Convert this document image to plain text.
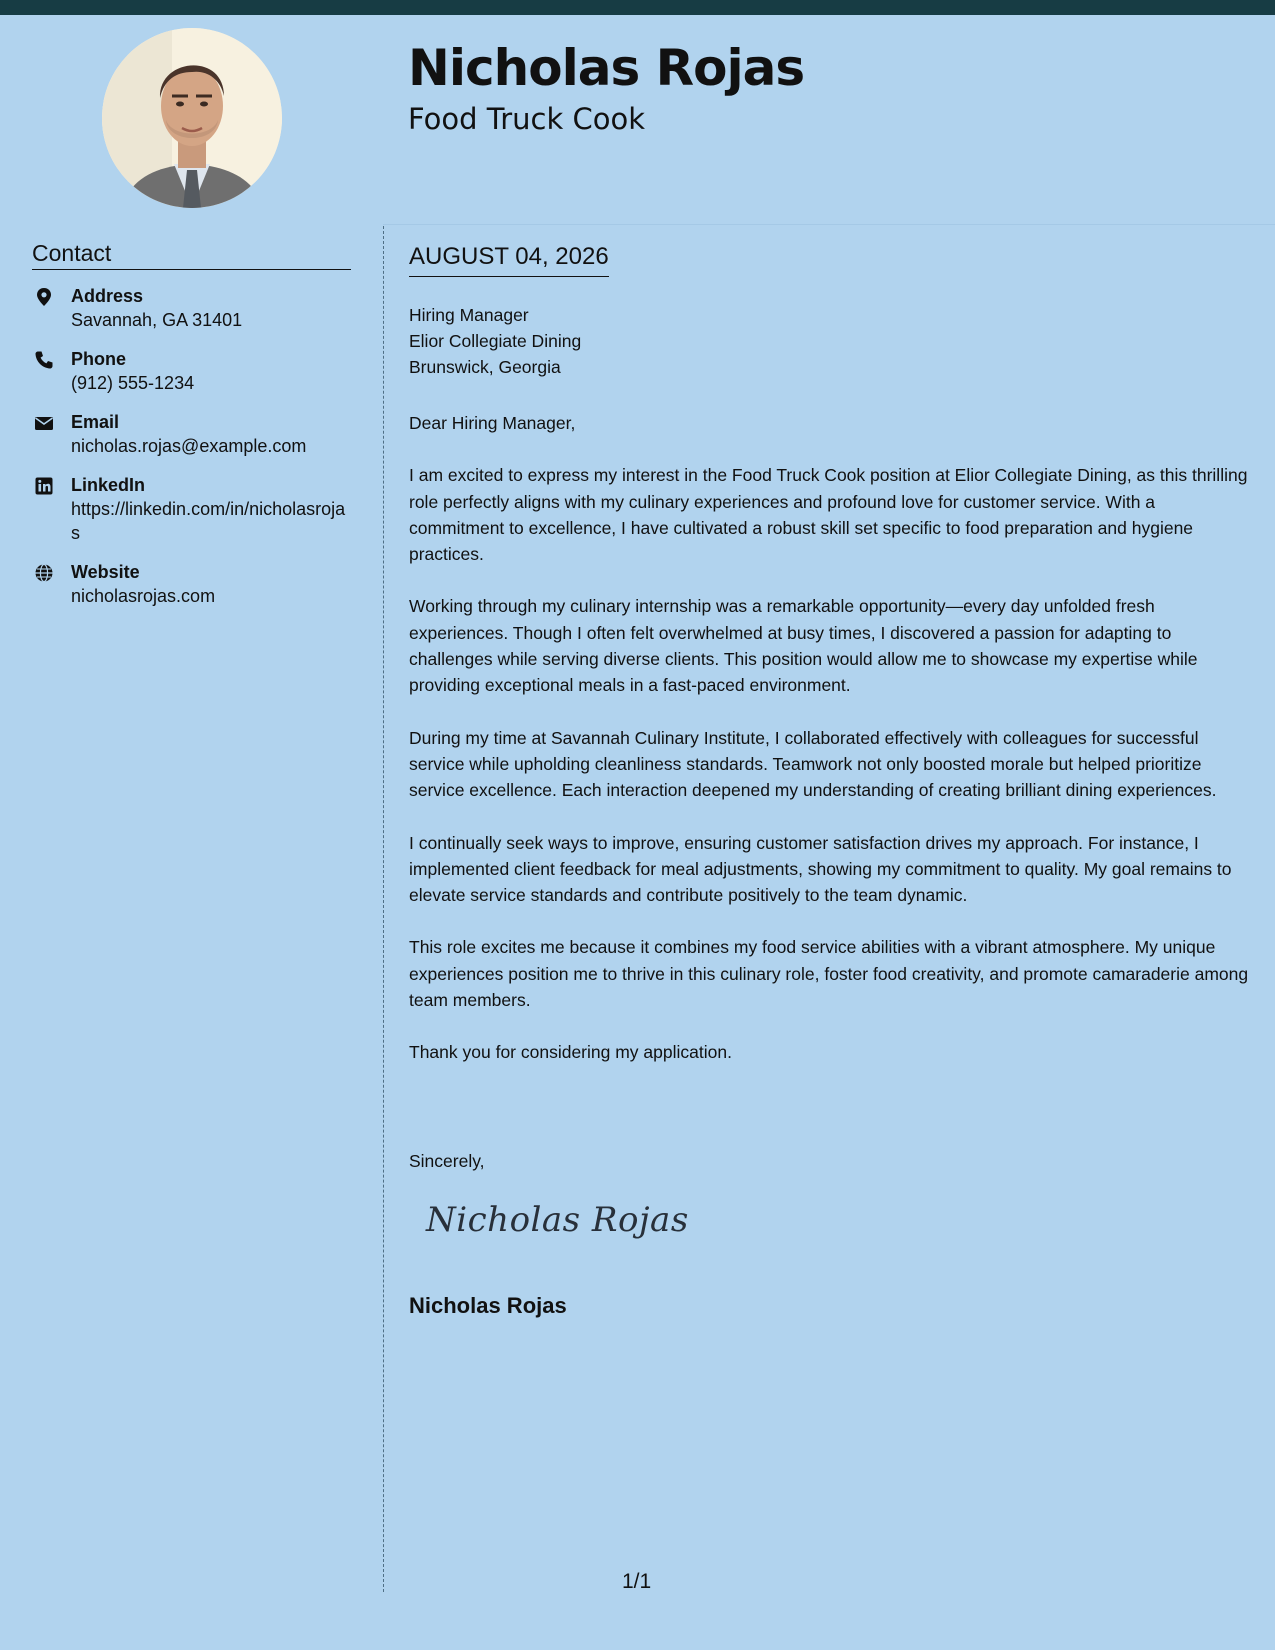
Nicholas Rojas
Food Truck Cook
Contact
Address
Savannah, GA 31401
Phone
(912) 555-1234
Email
nicholas.rojas@example.com
LinkedIn
https://linkedin.com/in/nicholasrojas
Website
nicholasrojas.com
AUGUST 04, 2026
Hiring Manager
Elior Collegiate Dining
Brunswick, Georgia

Dear Hiring Manager,

I am excited to express my interest in the Food Truck Cook position at Elior Collegiate Dining, as this thrilling role perfectly aligns with my culinary experiences and profound love for customer service. With a commitment to excellence, I have cultivated a robust skill set specific to food preparation and hygiene practices.

Working through my culinary internship was a remarkable opportunity—every day unfolded fresh experiences. Though I often felt overwhelmed at busy times, I discovered a passion for adapting to challenges while serving diverse clients. This position would allow me to showcase my expertise while providing exceptional meals in a fast-paced environment.

During my time at Savannah Culinary Institute, I collaborated effectively with colleagues for successful service while upholding cleanliness standards. Teamwork not only boosted morale but helped prioritize service excellence. Each interaction deepened my understanding of creating brilliant dining experiences.

I continually seek ways to improve, ensuring customer satisfaction drives my approach. For instance, I implemented client feedback for meal adjustments, showing my commitment to quality. My goal remains to elevate service standards and contribute positively to the team dynamic.

This role excites me because it combines my food service abilities with a vibrant atmosphere. My unique experiences position me to thrive in this culinary role, foster food creativity, and promote camaraderie among team members.

Thank you for considering my application.

Sincerely,
Nicholas Rojas
Nicholas Rojas
1/1
